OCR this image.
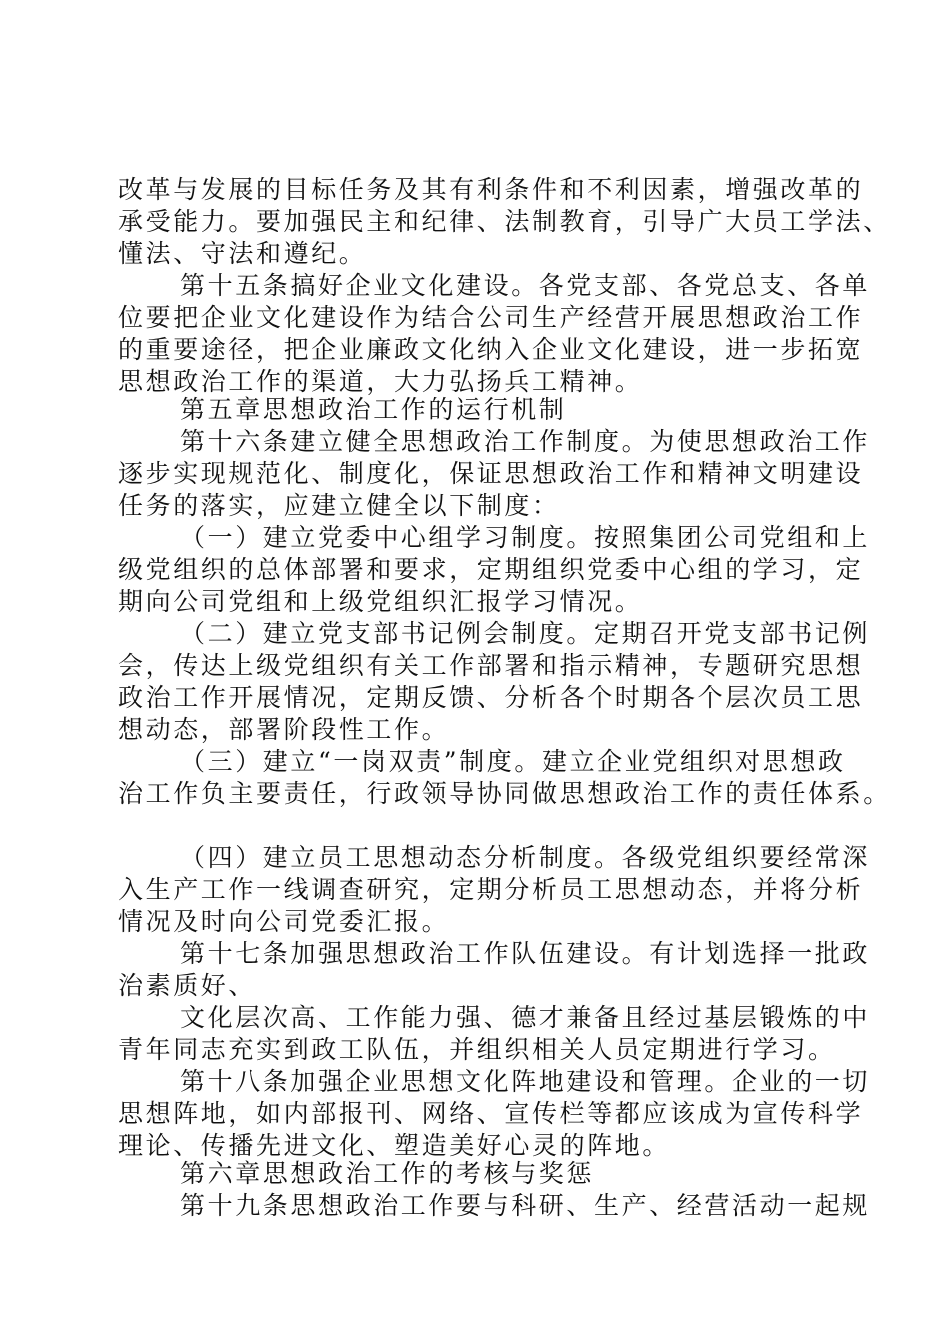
改革与发展的目标任务及其有利条件和不利因素，增强改革的
承受能力。要加强民主和纪律、法制教育，引导广大员工学法、
懂法、守法和遵纪。
第十五条搞好企业文化建设。各党支部、各党总支、各单
位要把企业文化建设作为结合公司生产经营开展思想政治工作
的重要途径，把企业廉政文化纳入企业文化建设，进一步拓宽
思想政治工作的渠道，大力弘扬兵工精神。
第五章思想政治工作的运行机制
第十六条建立健全思想政治工作制度。为使思想政治工作
逐步实现规范化、制度化，保证思想政治工作和精神文明建设
任务的落实，应建立健全以下制度：
（一）建立党委中心组学习制度。按照集团公司党组和上
级党组织的总体部署和要求，定期组织党委中心组的学习，定
期向公司党组和上级党组织汇报学习情况。
（二）建立党支部书记例会制度。定期召开党支部书记例
会，传达上级党组织有关工作部署和指示精神，专题研究思想
政治工作开展情况，定期反馈、分析各个时期各个层次员工思
想动态，部署阶段性工作。
（三）建立“一岗双责”制度。建立企业党组织对思想政
治工作负主要责任，行政领导协同做思想政治工作的责任体系。
（四）建立员工思想动态分析制度。各级党组织要经常深
入生产工作一线调查研究，定期分析员工思想动态，并将分析
情况及时向公司党委汇报。
第十七条加强思想政治工作队伍建设。有计划选择一批政
治素质好、
文化层次高、工作能力强、德才兼备且经过基层锻炼的中
青年同志充实到政工队伍，并组织相关人员定期进行学习。
第十八条加强企业思想文化阵地建设和管理。企业的一切
思想阵地，如内部报刊、网络、宣传栏等都应该成为宣传科学
理论、传播先进文化、塑造美好心灵的阵地。
第六章思想政治工作的考核与奖惩
第十九条思想政治工作要与科研、生产、经营活动一起规
